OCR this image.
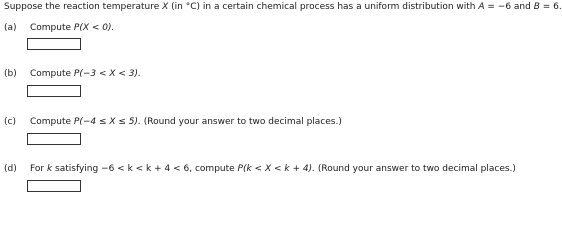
Suppose the reaction temperature X (in °C) in a certain chemical process has a uniform distribution with A = −6 and B = 6.
(a) Compute P(X < 0).
(b) Compute P(−3 < X < 3).
(c) Compute P(−4 ≤ X ≤ 5). (Round your answer to two decimal places.)
(d) For k satisfying −6 < k < k + 4 < 6, compute P(k < X < k + 4). (Round your answer to two decimal places.)
